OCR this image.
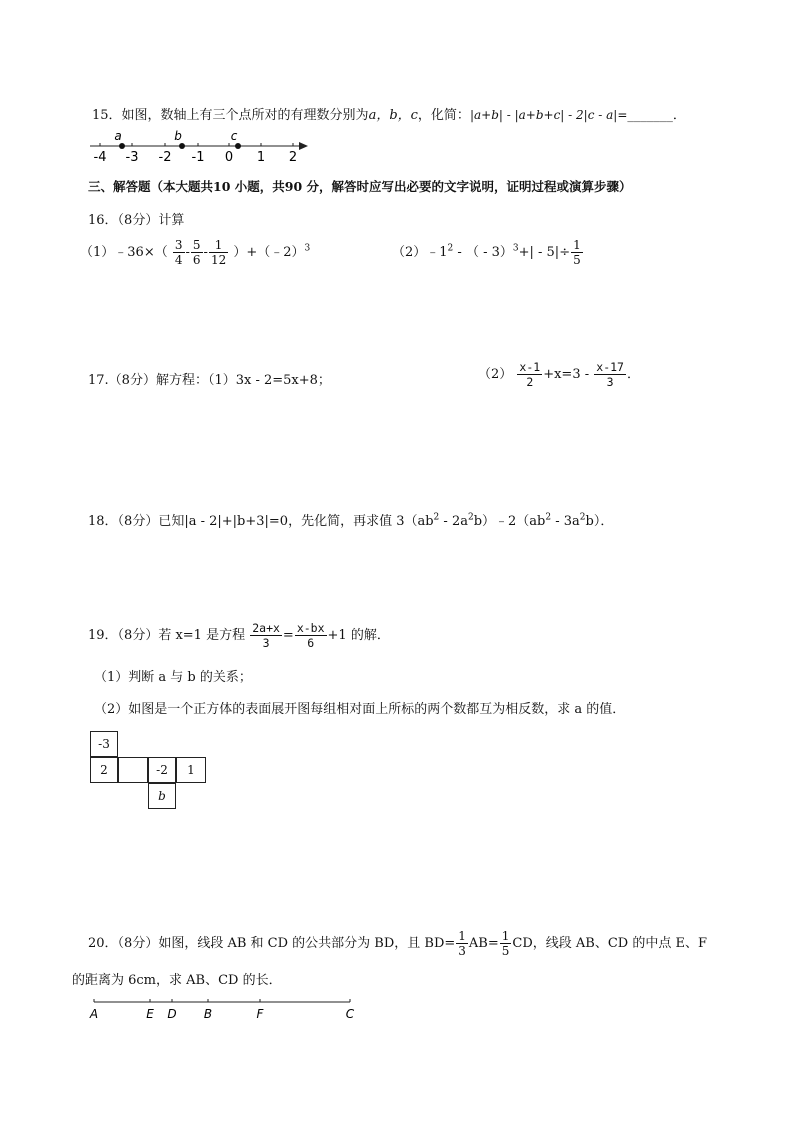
15．如图，数轴上有三个点所对的有理数分别为a，b，c，化简：|a+b| - |a+b+c| - 2|c - a|=_______．
-4 -3 -2 -1 0 1 2
a	b	c
三、解答题（本大题共10 小题，共90 分，解答时应写出必要的文字说明，证明过程或演算步骤）
16．（8分）计算
（1）﹣36×（ $\frac{3}{4} - \frac{5}{6} - \frac{1}{12}$ ）+（﹣2）$^3$	$(2)﹣1^2$ - （ - $3)^3+| - 5|\div \frac{1}{5}$
17.（8分）解方程：（1）3x - 2=5x+8；	$(2) \frac{x-1}{2} +x=3 - \frac{x-17}{3}$ ．
18．（8分）已知|a - 2|+|b+3|=0，先化简，再求值 $3(ab^2$ - $2a^2b)﹣2(ab^2 - 3a^2b)$．
19．（8分）若 x=1 是方程 $\frac{2a+x}{3} = \frac{x-bx}{6} +1$ 的解．
（1）判断 a 与 b 的关系；
（2）如图是一个正方体的表面展开图每组相对面上所标的两个数都互为相反数，求 a 的值．
-3
2	-2	1
b
20．（8分）如图，线段 AB 和 CD 的公共部分为 BD，且 $BD= \frac{1}{3} AB= \frac{1}{5}$ CD，线段 AB、CD 的中点 E、F
的距离为 6cm，求 AB、CD 的长．
A	E D B	F	C
